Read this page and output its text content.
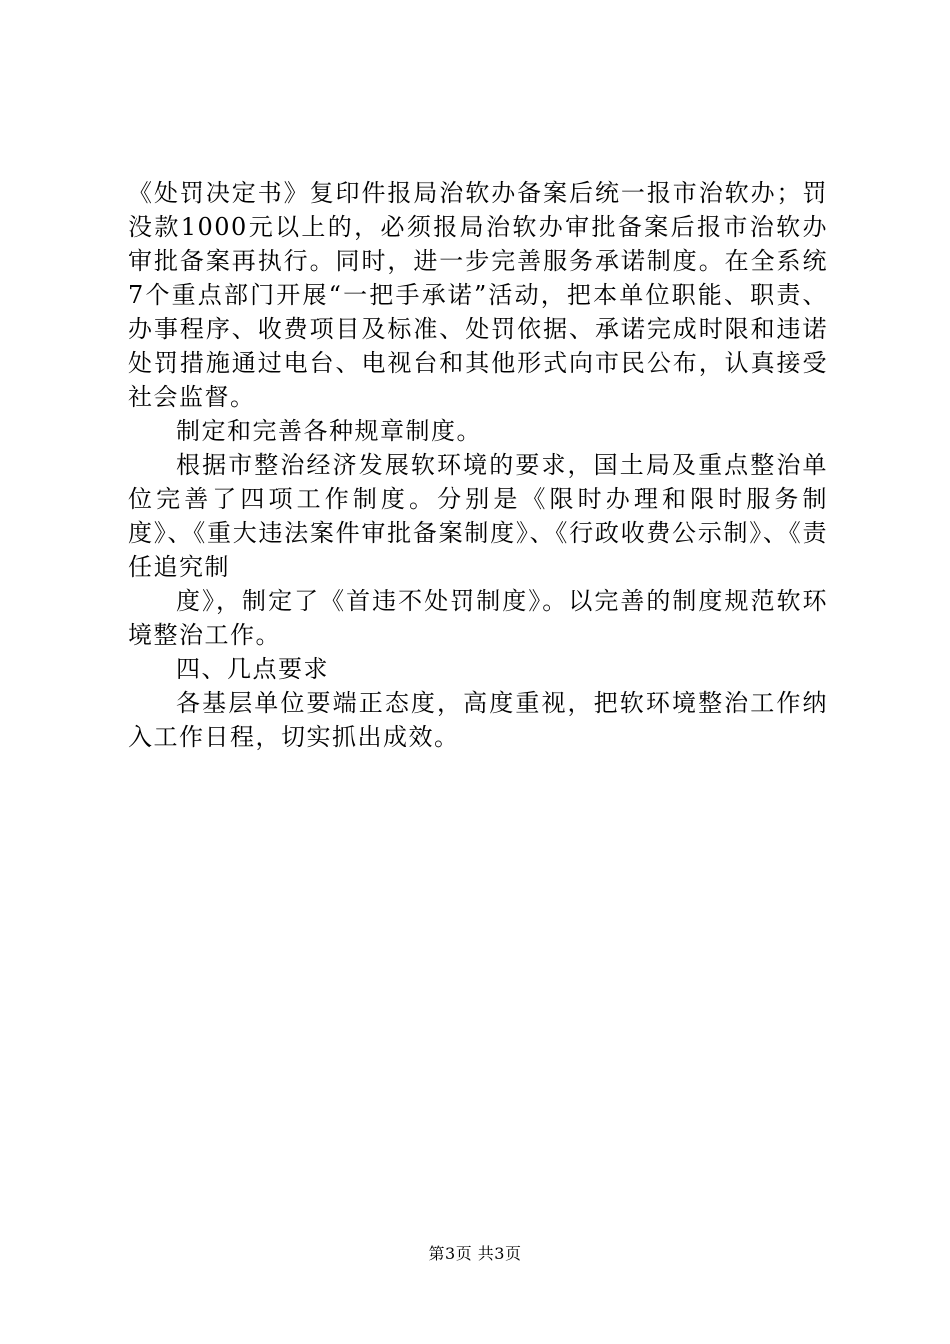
《处罚决定书》复印件报局治软办备案后统一报市治软办；罚没款1000元以上的，必须报局治软办审批备案后报市治软办审批备案再执行。同时，进一步完善服务承诺制度。在全系统7个重点部门开展“一把手承诺”活动，把本单位职能、职责、办事程序、收费项目及标准、处罚依据、承诺完成时限和违诺处罚措施通过电台、电视台和其他形式向市民公布，认真接受社会监督。

制定和完善各种规章制度。

根据市整治经济发展软环境的要求，国土局及重点整治单位完善了四项工作制度。分别是《限时办理和限时服务制度》、《重大违法案件审批备案制度》、《行政收费公示制》、《责任追究制

度》，制定了《首违不处罚制度》。以完善的制度规范软环境整治工作。

四、几点要求

各基层单位要端正态度，高度重视，把软环境整治工作纳入工作日程，切实抓出成效。

第3页 共3页
